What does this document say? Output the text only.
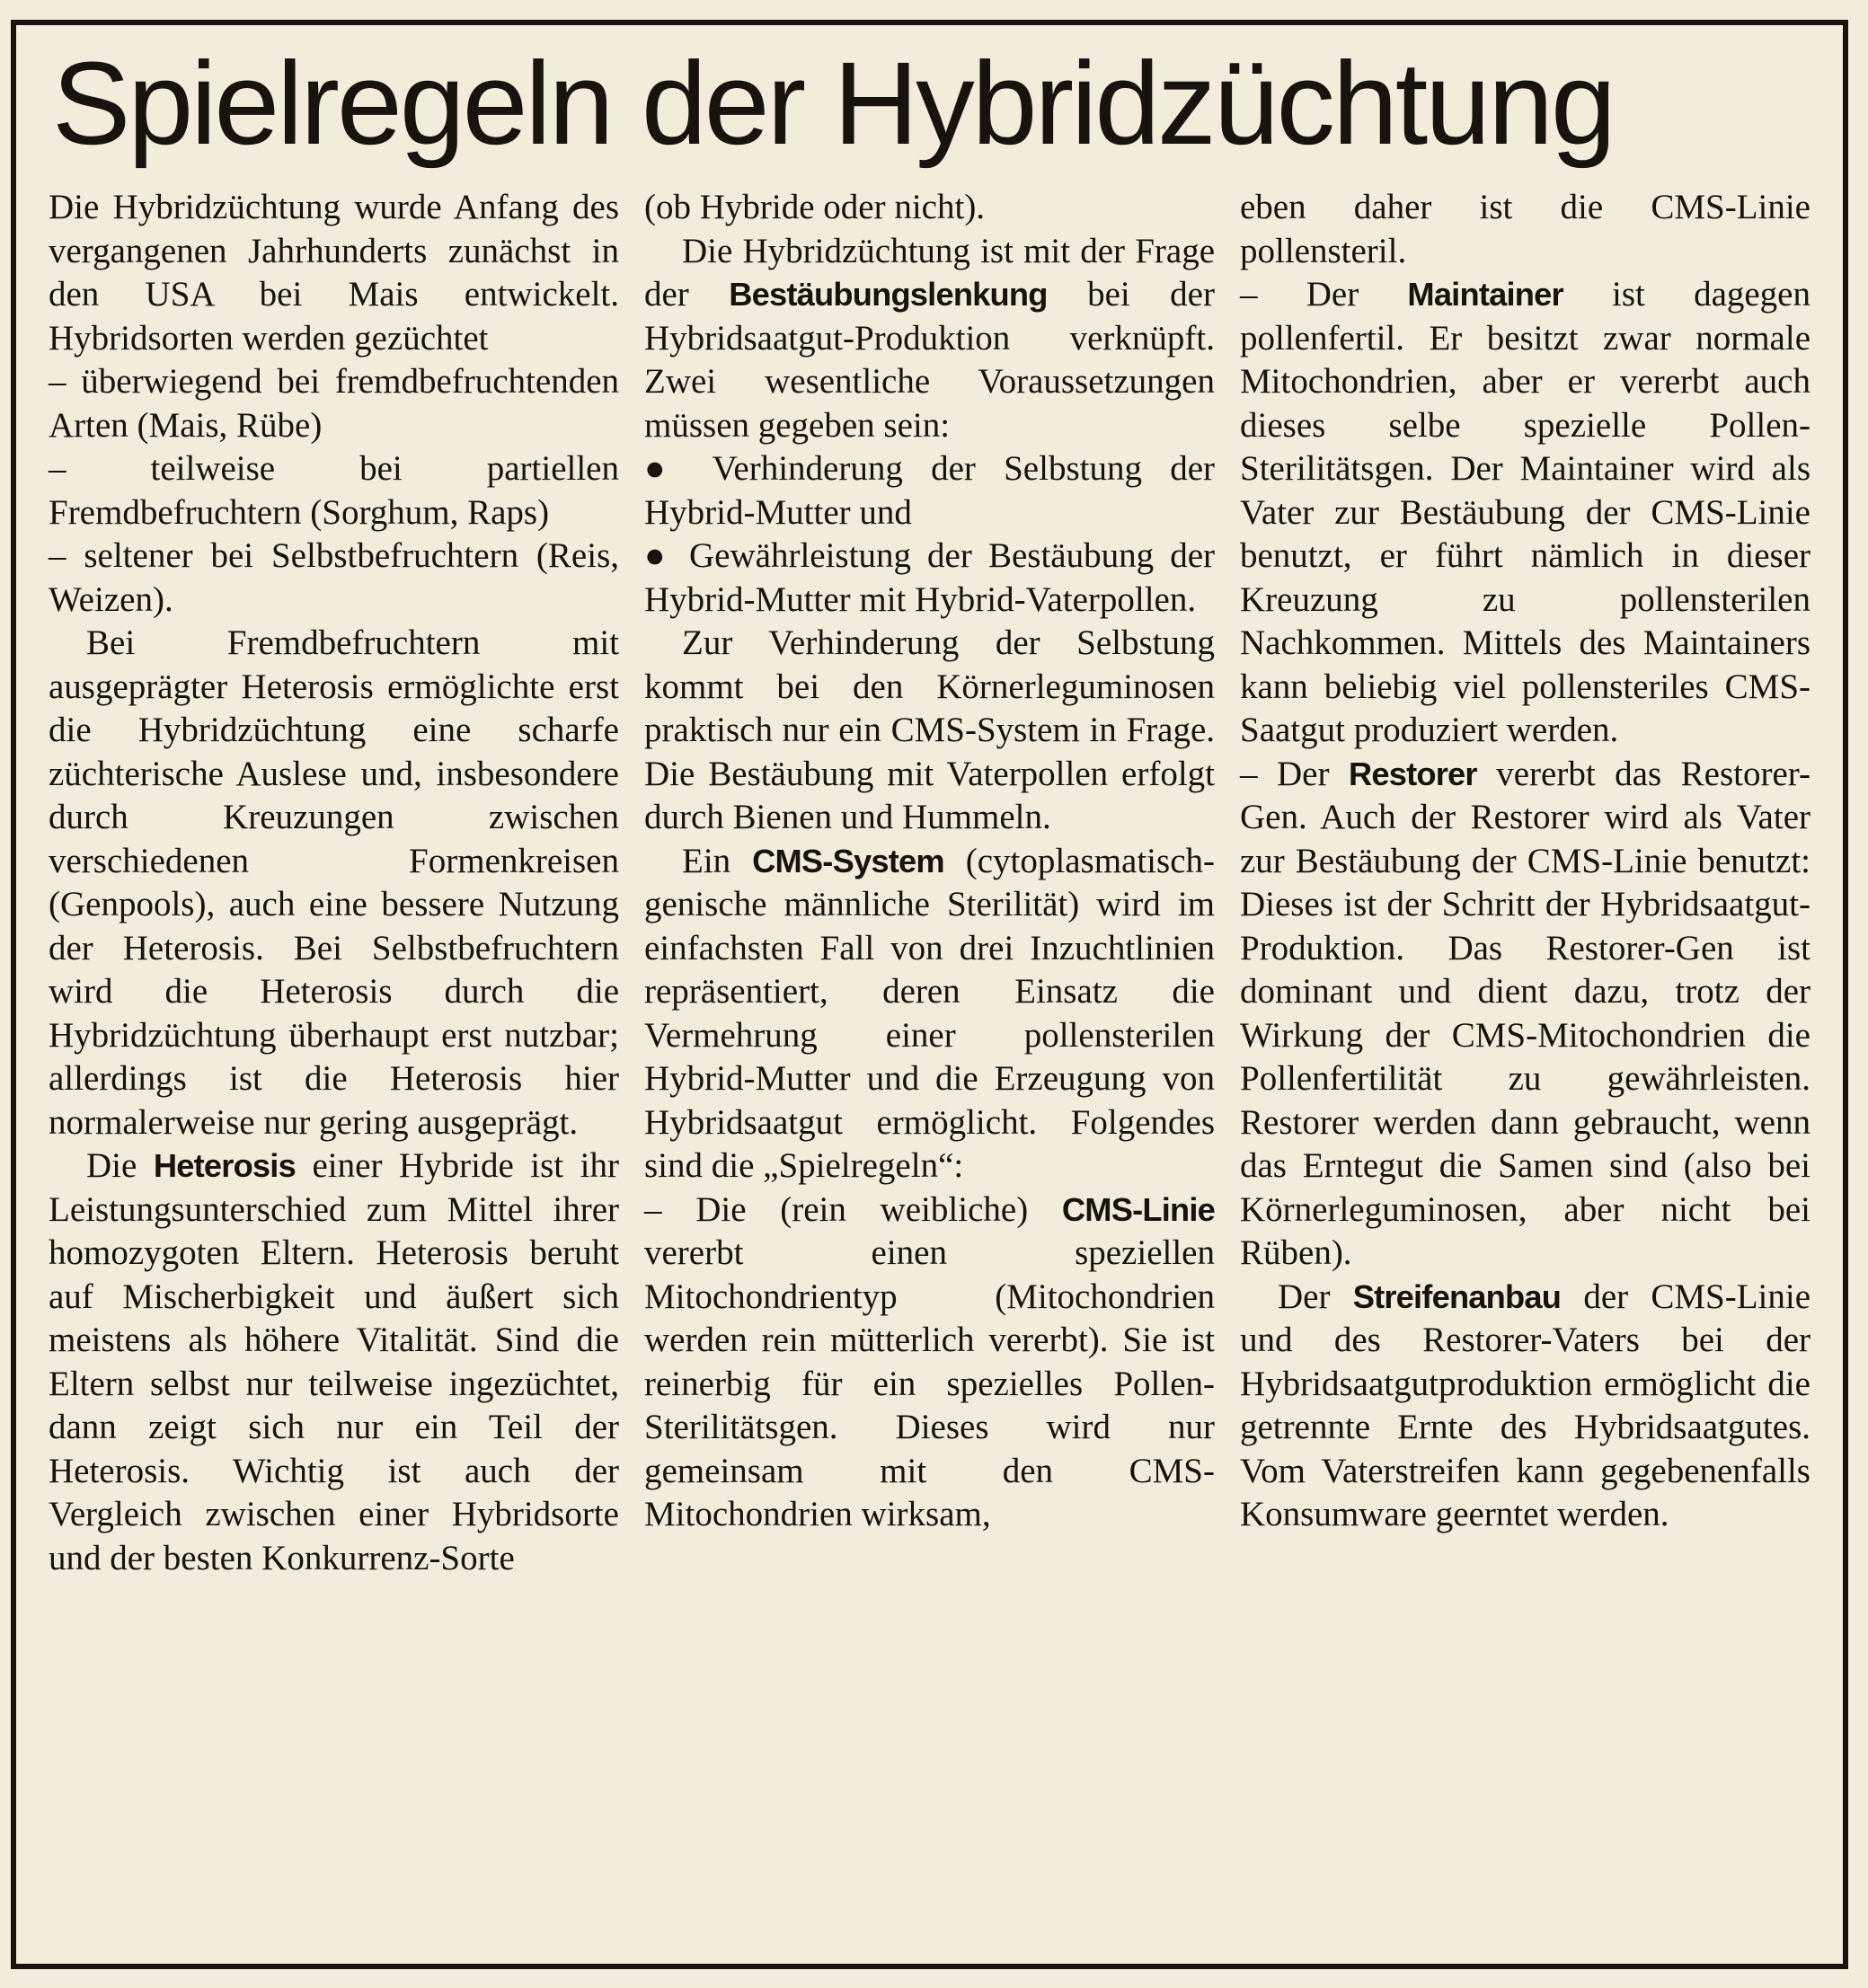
Spielregeln der Hybridzüchtung

Die Hybridzüchtung wurde Anfang des vergangenen Jahrhunderts zunächst in den USA bei Mais entwickelt. Hybridsorten werden gezüchtet

– überwiegend bei fremdbefruchtenden Arten (Mais, Rübe)

– teilweise bei partiellen Fremdbefruchtern (Sorghum, Raps)

– seltener bei Selbstbefruchtern (Reis, Weizen).

Bei Fremdbefruchtern mit ausgeprägter Heterosis ermöglichte erst die Hybridzüchtung eine scharfe züchterische Auslese und, insbesondere durch Kreuzungen zwischen verschiedenen Formenkreisen (Genpools), auch eine bessere Nutzung der Heterosis. Bei Selbstbefruchtern wird die Heterosis durch die Hybridzüchtung überhaupt erst nutzbar; allerdings ist die Heterosis hier normalerweise nur gering ausgeprägt.

Die Heterosis einer Hybride ist ihr Leistungsunterschied zum Mittel ihrer homozygoten Eltern. Heterosis beruht auf Mischerbigkeit und äußert sich meistens als höhere Vitalität. Sind die Eltern selbst nur teilweise ingezüchtet, dann zeigt sich nur ein Teil der Heterosis. Wichtig ist auch der Vergleich zwischen einer Hybridsorte und der besten Konkurrenz-Sorte

(ob Hybride oder nicht).

Die Hybridzüchtung ist mit der Frage der Bestäubungslenkung bei der Hybridsaatgut-Produktion verknüpft. Zwei wesentliche Voraussetzungen müssen gegeben sein:

● Verhinderung der Selbstung der Hybrid-Mutter und

● Gewährleistung der Bestäubung der Hybrid-Mutter mit Hybrid-Vaterpollen.

Zur Verhinderung der Selbstung kommt bei den Körnerleguminosen praktisch nur ein CMS-System in Frage. Die Bestäubung mit Vaterpollen erfolgt durch Bienen und Hummeln.

Ein CMS-System (cytoplasmatisch-genische männliche Sterilität) wird im einfachsten Fall von drei Inzuchtlinien repräsentiert, deren Einsatz die Vermehrung einer pollensterilen Hybrid-Mutter und die Erzeugung von Hybridsaatgut ermöglicht. Folgendes sind die „Spielregeln“:

– Die (rein weibliche) CMS-Linie vererbt einen speziellen Mitochondrientyp (Mitochondrien werden rein mütterlich vererbt). Sie ist reinerbig für ein spezielles Pollen-Sterilitätsgen. Dieses wird nur gemeinsam mit den CMS-Mitochondrien wirksam,

eben daher ist die CMS-Linie pollensteril.

– Der Maintainer ist dagegen pollenfertil. Er besitzt zwar normale Mitochondrien, aber er vererbt auch dieses selbe spezielle Pollen-Sterilitätsgen. Der Maintainer wird als Vater zur Bestäubung der CMS-Linie benutzt, er führt nämlich in dieser Kreuzung zu pollensterilen Nachkommen. Mittels des Maintainers kann beliebig viel pollensteriles CMS-Saatgut produziert werden.

– Der Restorer vererbt das Restorer-Gen. Auch der Restorer wird als Vater zur Bestäubung der CMS-Linie benutzt: Dieses ist der Schritt der Hybridsaatgut-Produktion. Das Restorer-Gen ist dominant und dient dazu, trotz der Wirkung der CMS-Mitochondrien die Pollenfertilität zu gewährleisten. Restorer werden dann gebraucht, wenn das Erntegut die Samen sind (also bei Körnerleguminosen, aber nicht bei Rüben).

Der Streifenanbau der CMS-Linie und des Restorer-Vaters bei der Hybridsaatgutproduktion ermöglicht die getrennte Ernte des Hybridsaatgutes. Vom Vaterstreifen kann gegebenenfalls Konsumware geerntet werden.
